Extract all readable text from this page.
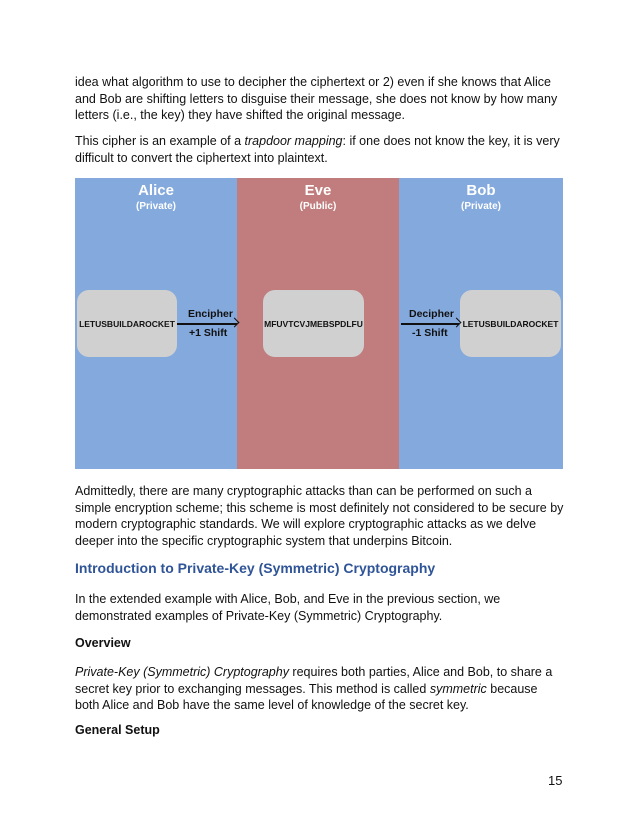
idea what algorithm to use to decipher the ciphertext or 2) even if she knows that Alice and Bob are shifting letters to disguise their message, she does not know by how many letters (i.e., the key) they have shifted the original message.

This cipher is an example of a trapdoor mapping: if one does not know the key, it is very difficult to convert the ciphertext into plaintext.

Alice
(Private)
Eve
(Public)
Bob
(Private)
LETUSBUILDAROCKET	MFUVTCVJMEBSPDLFU	LETUSBUILDAROCKET
Encipher
+1 Shift
Decipher
-1 Shift

Admittedly, there are many cryptographic attacks than can be performed on such a simple encryption scheme; this scheme is most definitely not considered to be secure by modern cryptographic standards. We will explore cryptographic attacks as we delve deeper into the specific cryptographic system that underpins Bitcoin.

Introduction to Private-Key (Symmetric) Cryptography

In the extended example with Alice, Bob, and Eve in the previous section, we demonstrated examples of Private-Key (Symmetric) Cryptography.

Overview

Private-Key (Symmetric) Cryptography requires both parties, Alice and Bob, to share a secret key prior to exchanging messages. This method is called symmetric because both Alice and Bob have the same level of knowledge of the secret key.

General Setup
15
